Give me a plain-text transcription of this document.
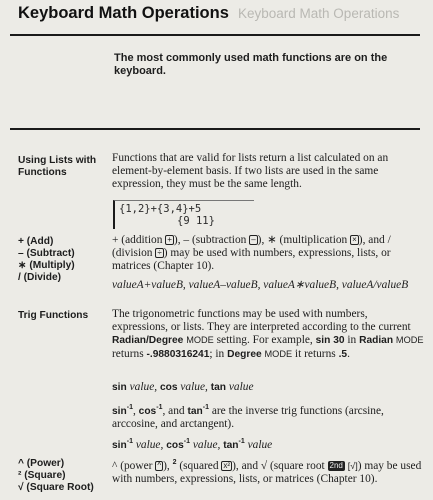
Keyboard Math Operations Keyboard Math Operations
The most commonly used math functions are on the keyboard.
Using Lists with
Functions
Functions that are valid for lists return a list calculated on an element-by-element basis. If two lists are used in the same expression, they must be the same length.
{1,2}+{3,4}+5
{9 11}
+ (Add)
– (Subtract)
∗ (Multiply)
/ (Divide)
+ (addition + ), – (subtraction – ), ∗ (multiplication × ), and / (division ÷ ) may be used with numbers, expressions, lists, or matrices (Chapter 10).
valueA+valueB, valueA–valueB, valueA∗valueB, valueA/valueB
Trig Functions The trigonometric functions may be used with numbers, expressions, or lists. They are interpreted according to the current Radian/Degree MODE setting. For example, sin 30 in Radian MODE returns -.9880316241; in Degree MODE it returns .5.
sin value, cos value, tan value
$\sin^{-1}$, $\cos^{-1}$, and $\tan^{-1}$ are the inverse trig functions (arcsine, arccosine, and arctangent).
$\sin^{-1}$ value, $\cos^{-1}$ value, $\tan^{-1}$ value
^ (Power)
² (Square)
√ (Square Root)
^ (power ^ ), $^2$ (squared x² ), and √ (square root 2nd [√]) may be used with numbers, expressions, lists, or matrices (Chapter 10).
